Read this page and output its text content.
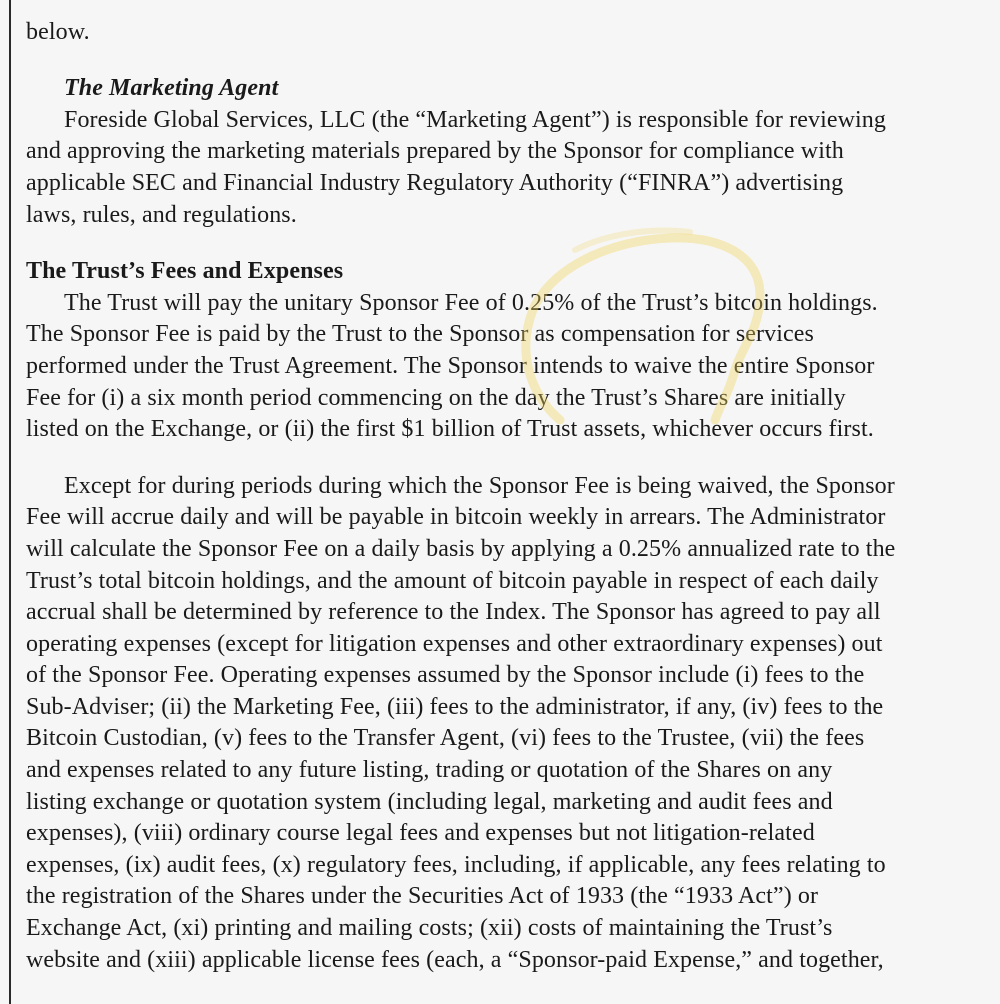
below.

The Marketing Agent

Foreside Global Services, LLC (the “Marketing Agent”) is responsible for reviewing

and approving the marketing materials prepared by the Sponsor for compliance with
applicable SEC and Financial Industry Regulatory Authority (“FINRA”) advertising
laws, rules, and regulations.

The Trust’s Fees and Expenses

The Trust will pay the unitary Sponsor Fee of 0.25% of the Trust’s bitcoin holdings.

The Sponsor Fee is paid by the Trust to the Sponsor as compensation for services
performed under the Trust Agreement. The Sponsor intends to waive the entire Sponsor
Fee for (i) a six month period commencing on the day the Trust’s Shares are initially
listed on the Exchange, or (ii) the first $1 billion of Trust assets, whichever occurs first.

Except for during periods during which the Sponsor Fee is being waived, the Sponsor

Fee will accrue daily and will be payable in bitcoin weekly in arrears. The Administrator
will calculate the Sponsor Fee on a daily basis by applying a 0.25% annualized rate to the
Trust’s total bitcoin holdings, and the amount of bitcoin payable in respect of each daily
accrual shall be determined by reference to the Index. The Sponsor has agreed to pay all
operating expenses (except for litigation expenses and other extraordinary expenses) out
of the Sponsor Fee. Operating expenses assumed by the Sponsor include (i) fees to the
Sub-Adviser; (ii) the Marketing Fee, (iii) fees to the administrator, if any, (iv) fees to the
Bitcoin Custodian, (v) fees to the Transfer Agent, (vi) fees to the Trustee, (vii) the fees
and expenses related to any future listing, trading or quotation of the Shares on any
listing exchange or quotation system (including legal, marketing and audit fees and
expenses), (viii) ordinary course legal fees and expenses but not litigation-related
expenses, (ix) audit fees, (x) regulatory fees, including, if applicable, any fees relating to
the registration of the Shares under the Securities Act of 1933 (the “1933 Act”) or
Exchange Act, (xi) printing and mailing costs; (xii) costs of maintaining the Trust’s
website and (xiii) applicable license fees (each, a “Sponsor-paid Expense,” and together,
